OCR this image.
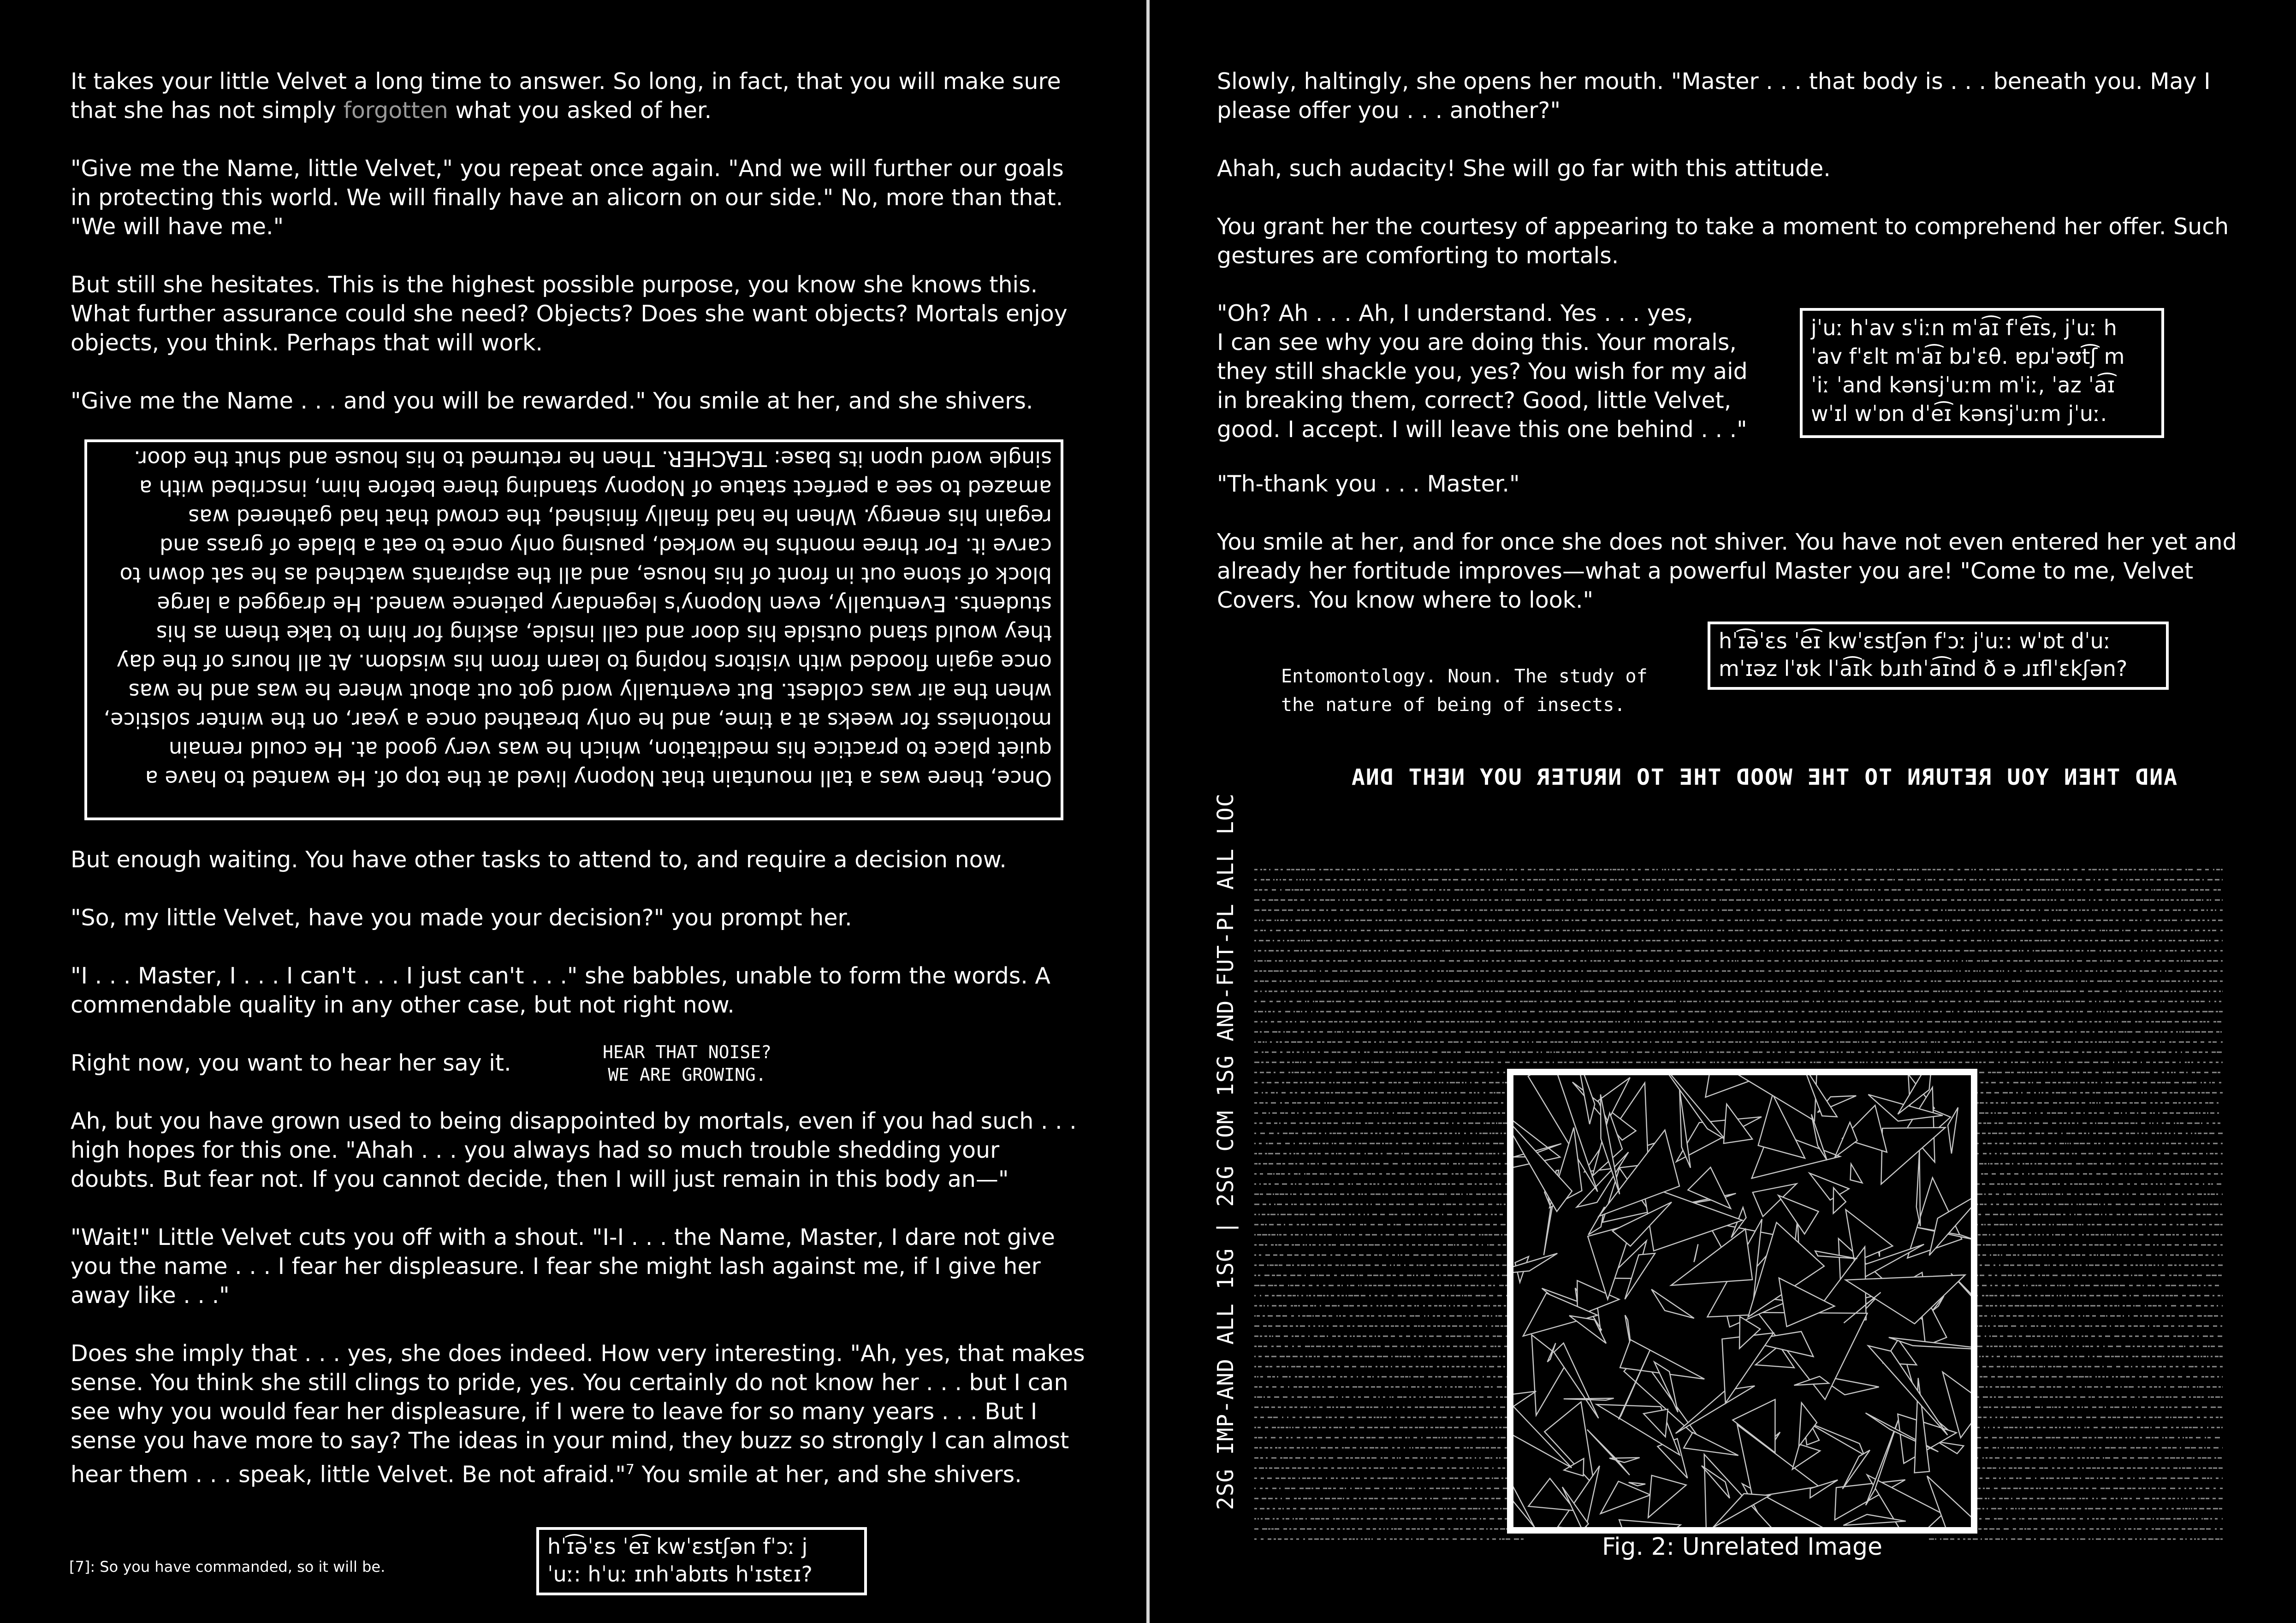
It takes your little Velvet a long time to answer. So long, in fact, that you will make sure that she has not simply forgotten what you asked of her.

"Give me the Name, little Velvet," you repeat once again. "And we will further our goals in protecting this world. We will finally have an alicorn on our side." No, more than that. "We will have me."

But still she hesitates. This is the highest possible purpose, you know she knows this. What further assurance could she need? Objects? Does she want objects? Mortals enjoy objects, you think. Perhaps that will work.

"Give me the Name . . . and you will be rewarded." You smile at her, and she shivers.

Once, there was a tall mountain that Nopony lived at the top of. He wanted to have a quiet place to practice his meditation, which he was very good at. He could remain motionless for weeks at a time, and he only breathed once a year, on the winter solstice, when the air was coldest. But eventually word got out about where he was and he was once again flooded with visitors hoping to learn from his wisdom. At all hours of the day they would stand outside his door and call inside, asking for him to take them as his students. Eventually, even Nopony's legendary patience waned. He dragged a large block of stone out in front of his house, and all the aspirants watched as he sat down to carve it. For three months he worked, pausing only once to eat a blade of grass and regain his energy. When he had finally finished, the crowd that had gathered was amazed to see a perfect statue of Nopony standing there before him, inscribed with a single word upon its base: TEACHER. Then he returned to his house and shut the door.

But enough waiting. You have other tasks to attend to, and require a decision now.

"So, my little Velvet, have you made your decision?" you prompt her.

"I . . . Master, I . . . I can't . . . I just can't . . ." she babbles, unable to form the words. A commendable quality in any other case, but not right now.

Right now, you want to hear her say it.

Ah, but you have grown used to being disappointed by mortals, even if you had such . . . high hopes for this one. "Ahah . . . you always had so much trouble shedding your doubts. But fear not. If you cannot decide, then I will just remain in this body an—"

"Wait!" Little Velvet cuts you off with a shout. "I-I . . . the Name, Master, I dare not give you the name . . . I fear her displeasure. I fear she might lash against me, if I give her away like . . ."

Does she imply that . . . yes, she does indeed. How very interesting. "Ah, yes, that makes sense. You think she still clings to pride, yes. You certainly do not know her . . . but I can see why you would fear her displeasure, if I were to leave for so many years . . . But I sense you have more to say? The ideas in your mind, they buzz so strongly I can almost hear them . . . speak, little Velvet. Be not afraid."$^7$ You smile at her, and she shivers.

HEAR THAT NOISE?
WE ARE GROWING.
[7]: So you have commanded, so it will be.
hˈɪ͡əˈɛs ˈe͡ɪ kwˈɛstʃən fˈɔː j
ˈuː: hˈuː ɪnhˈabɪts hˈɪstɛɪ?

Slowly, haltingly, she opens her mouth. "Master . . . that body is . . . beneath you. May I please offer you . . . another?"

Ahah, such audacity! She will go far with this attitude.

You grant her the courtesy of appearing to take a moment to comprehend her offer. Such gestures are comforting to mortals.

"Oh? Ah . . . Ah, I understand. Yes . . . yes,
I can see why you are doing this. Your morals,
they still shackle you, yes? You wish for my aid
in breaking them, correct? Good, little Velvet,
good. I accept. I will leave this one behind . . ."
jˈuː hˈav sˈiːn mˈa͡ɪ fˈe͡ɪs, jˈuː h
ˈav fˈɛlt mˈa͡ɪ bɹˈɛθ. ɐpɹˈəʊt͡ʃ m
ˈiː ˈand kənsjˈuːm mˈiː, ˈaz ˈa͡ɪ
wˈɪl wˈɒn dˈe͡ɪ kənsjˈuːm jˈuː.

"Th-thank you . . . Master."

You smile at her, and for once she does not shiver. You have not even entered her yet and already her fortitude improves—what a powerful Master you are! "Come to me, Velvet Covers. You know where to look."

hˈɪ͡əˈɛs ˈe͡ɪ kwˈɛstʃən fˈɔː jˈuː: wˈɒt dˈuː
mˈɪəz lˈʊk lˈa͡ɪk bɹɪhˈa͡ɪnd ð ə ɹɪflˈɛkʃən?
Entomontology. Noun. The study of
the nature of being of insects.
AND THEN YOU RETURN TO THE WOOD THE TO NRUTER UOY NEHT DNA
2SG IMP-AND ALL 1SG | 2SG COM 1SG AND-FUT-PL ALL LOC
Fig. 2: Unrelated Image
